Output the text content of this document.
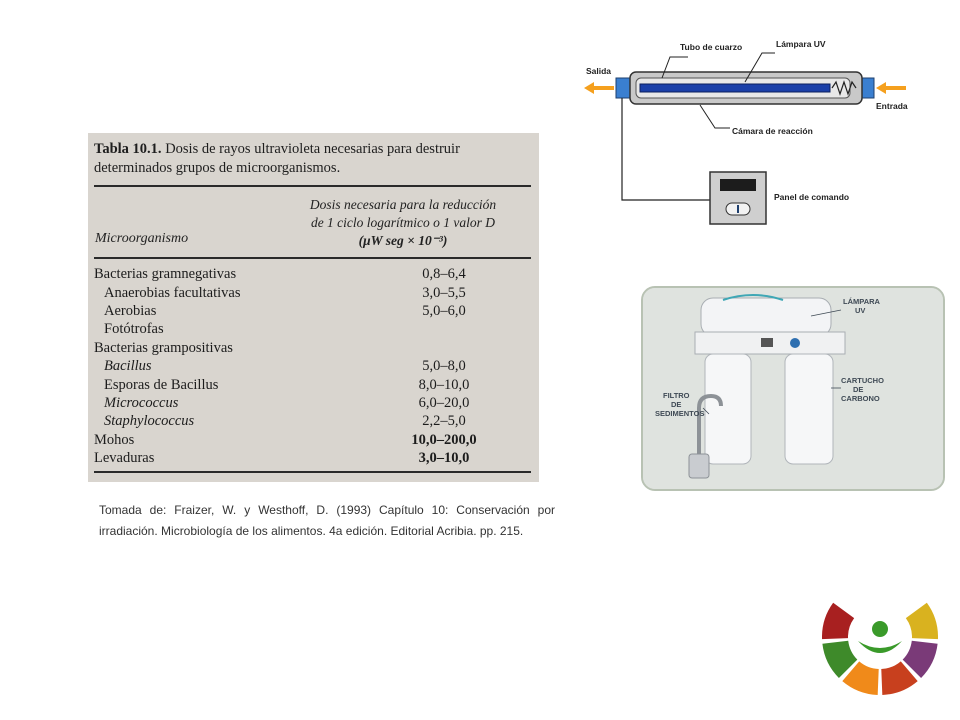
Tabla 10.1. Dosis de rayos ultravioleta necesarias para destruir determinados grupos de microorganismos.
Dosis necesaria para la reducción
de 1 ciclo logarítmico o 1 valor D
(μW seg × 10⁻³)
Microorganismo
Bacterias gramnegativas	0,8–6,4
Anaerobias facultativas	3,0–5,5
Aerobias	5,0–6,0
Fotótrofas	
Bacterias grampositivas	
Bacillus	5,0–8,0
Esporas de Bacillus	8,0–10,0
Micrococcus	6,0–20,0
Staphylococcus	2,2–5,0
Mohos	10,0–200,0
Levaduras	3,0–10,0
Tomada de: Fraizer, W. y Westhoff, D. (1993) Capítulo 10: Conservación por irradiación. Microbiología de los alimentos. 4a edición. Editorial Acribia. pp. 215.
Salida
Tubo de cuarzo	Lámpara UV
Entrada
Cámara de reacción
Panel de comando
LÁMPARA
UV
CARTUCHO
DE
CARBONO
FILTRO
DE
SEDIMENTOS
